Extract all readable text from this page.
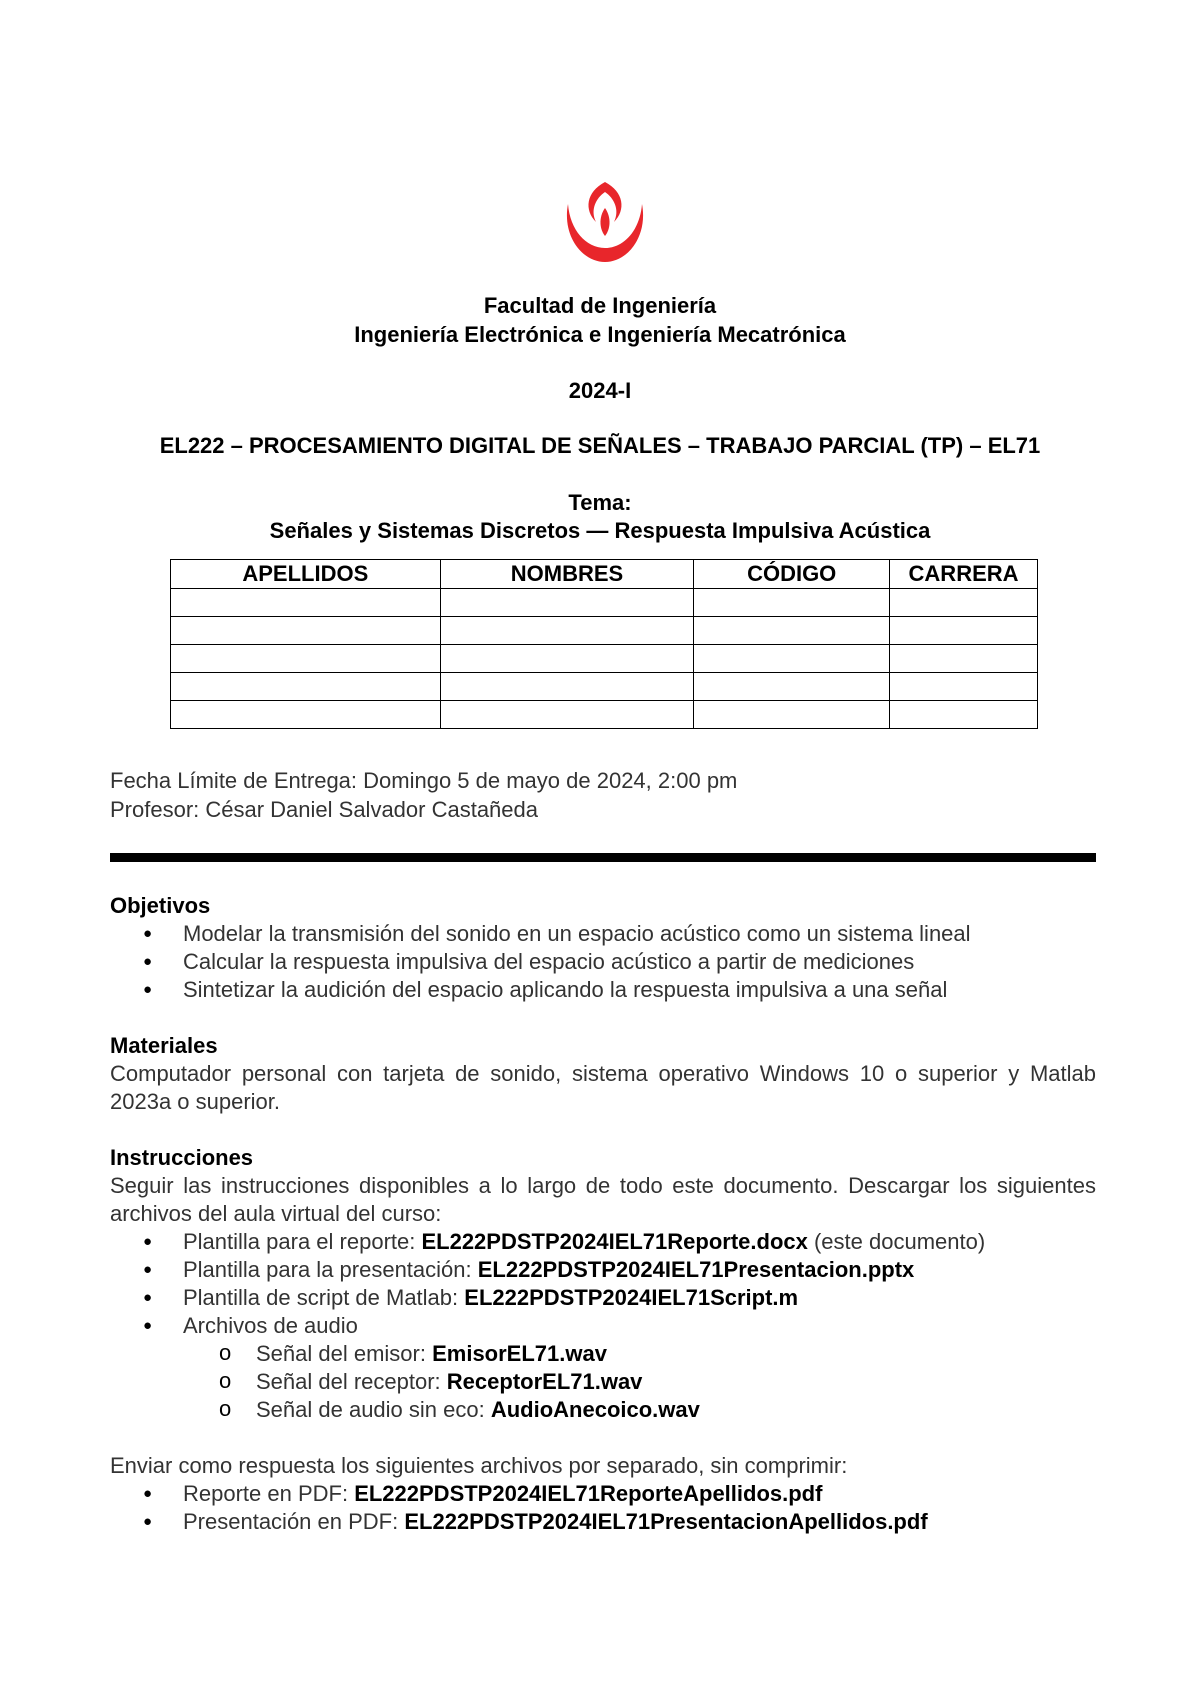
Facultad de Ingeniería
Ingeniería Electrónica e Ingeniería Mecatrónica
2024-I
EL222 – PROCESAMIENTO DIGITAL DE SEÑALES – TRABAJO PARCIAL (TP) – EL71
Tema:
Señales y Sistemas Discretos — Respuesta Impulsiva Acústica
APELLIDOS	NOMBRES	CÓDIGO	CARRERA

Fecha Límite de Entrega: Domingo 5 de mayo de 2024, 2:00 pm
Profesor: César Daniel Salvador Castañeda
Objetivos
● Modelar la transmisión del sonido en un espacio acústico como un sistema lineal
● Calcular la respuesta impulsiva del espacio acústico a partir de mediciones
● Sintetizar la audición del espacio aplicando la respuesta impulsiva a una señal
Materiales
Computador personal con tarjeta de sonido, sistema operativo Windows 10 o superior y Matlab 2023a o superior.
Instrucciones
Seguir las instrucciones disponibles a lo largo de todo este documento. Descargar los siguientes archivos del aula virtual del curso:
● Plantilla para el reporte: EL222PDSTP2024IEL71Reporte.docx (este documento)
● Plantilla para la presentación: EL222PDSTP2024IEL71Presentacion.pptx
● Plantilla de script de Matlab: EL222PDSTP2024IEL71Script.m
● Archivos de audio
o Señal del emisor: EmisorEL71.wav
o Señal del receptor: ReceptorEL71.wav
o Señal de audio sin eco: AudioAnecoico.wav
Enviar como respuesta los siguientes archivos por separado, sin comprimir:
● Reporte en PDF: EL222PDSTP2024IEL71ReporteApellidos.pdf
● Presentación en PDF: EL222PDSTP2024IEL71PresentacionApellidos.pdf
